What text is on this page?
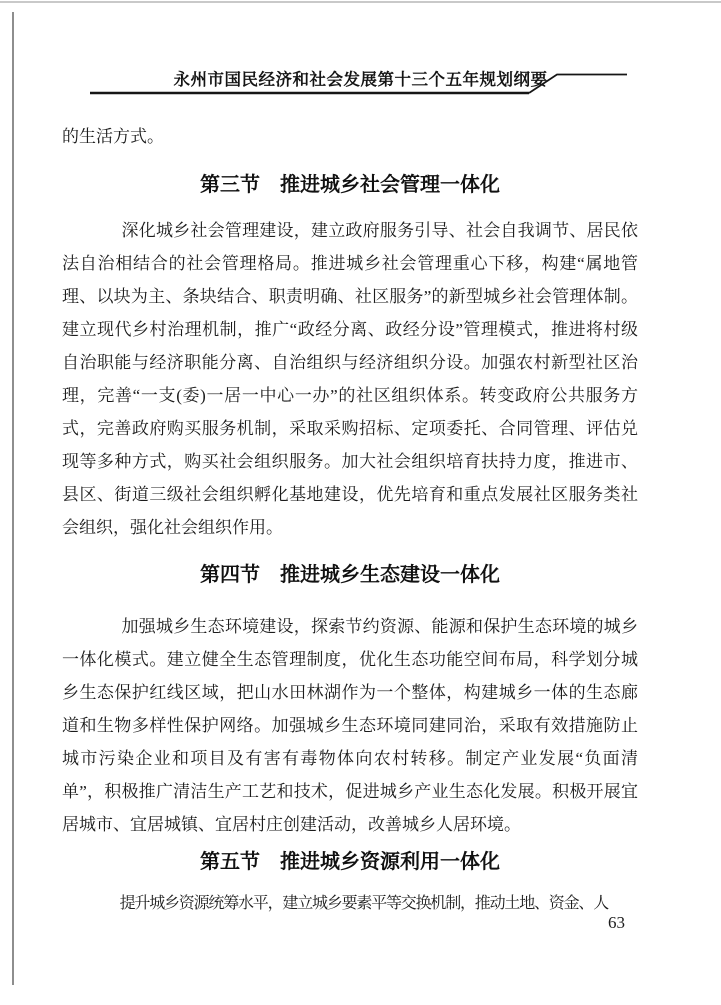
永州市国民经济和社会发展第十三个五年规划纲要
的生活方式。
第三节　推进城乡社会管理一体化
深化城乡社会管理建设，建立政府服务引导、社会自我调节、居民依法自治相结合的社会管理格局。推进城乡社会管理重心下移，构建“属地管理、以块为主、条块结合、职责明确、社区服务”的新型城乡社会管理体制。建立现代乡村治理机制，推广“政经分离、政经分设”管理模式，推进将村级自治职能与经济职能分离、自治组织与经济组织分设。加强农村新型社区治理，完善“一支(委)一居一中心一办”的社区组织体系。转变政府公共服务方式，完善政府购买服务机制，采取采购招标、定项委托、合同管理、评估兑现等多种方式，购买社会组织服务。加大社会组织培育扶持力度，推进市、县区、街道三级社会组织孵化基地建设，优先培育和重点发展社区服务类社会组织，强化社会组织作用。
第四节　推进城乡生态建设一体化
加强城乡生态环境建设，探索节约资源、能源和保护生态环境的城乡一体化模式。建立健全生态管理制度，优化生态功能空间布局，科学划分城乡生态保护红线区域，把山水田林湖作为一个整体，构建城乡一体的生态廊道和生物多样性保护网络。加强城乡生态环境同建同治，采取有效措施防止城市污染企业和项目及有害有毒物体向农村转移。制定产业发展“负面清单”，积极推广清洁生产工艺和技术，促进城乡产业生态化发展。积极开展宜居城市、宜居城镇、宜居村庄创建活动，改善城乡人居环境。
第五节　推进城乡资源利用一体化
提升城乡资源统筹水平，建立城乡要素平等交换机制，推动土地、资金、人
63
